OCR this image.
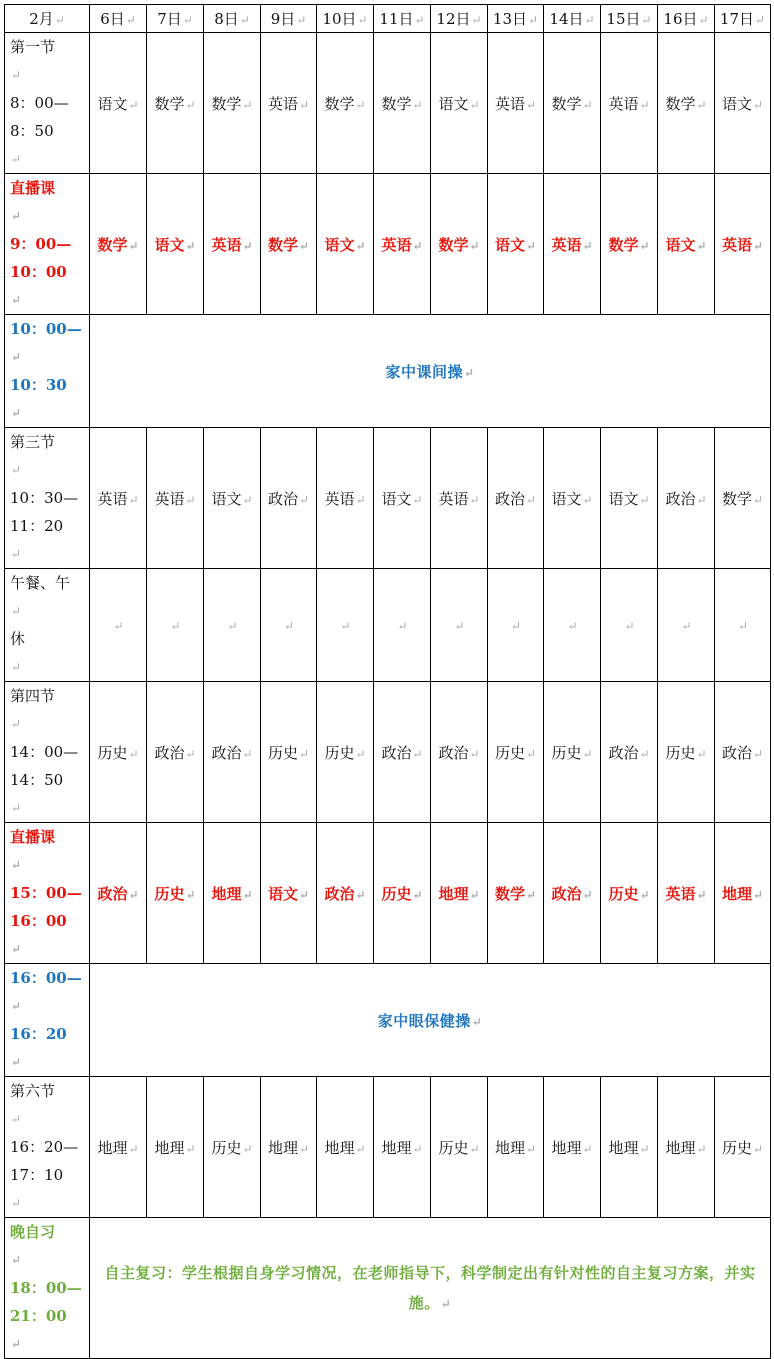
2月↵	6日↵	7日↵	8日↵	9日↵	10日↵	11日↵	12日↵	13日↵	14日↵	15日↵	16日↵	17日↵

第一节
↵
8：00—
8：50
↵	语文↵	数学↵	数学↵	英语↵	数学↵	数学↵	语文↵	英语↵	数学↵	英语↵	数学↵	语文↵

直播课
↵
9：00—
10：00
↵	数学↵	语文↵	英语↵	数学↵	语文↵	英语↵	数学↵	语文↵	英语↵	数学↵	语文↵	英语↵

10：00—
↵
10：30
↵	家中课间操↵											

第三节
↵
10：30—
11：20
↵	英语↵	英语↵	语文↵	政治↵	英语↵	语文↵	英语↵	政治↵	语文↵	语文↵	政治↵	数学↵

午餐、午
↵
休
↵	↵	↵	↵	↵	↵	↵	↵	↵	↵	↵	↵	↵

第四节
↵
14：00—
14：50
↵	历史↵	政治↵	政治↵	历史↵	历史↵	政治↵	政治↵	历史↵	历史↵	政治↵	历史↵	政治↵

直播课
↵
15：00—
16：00
↵	政治↵	历史↵	地理↵	语文↵	政治↵	历史↵	地理↵	数学↵	政治↵	历史↵	英语↵	地理↵

16：00—
↵
16：20
↵	家中眼保健操↵											

第六节
↵
16：20—
17：10
↵	地理↵	地理↵	历史↵	地理↵	地理↵	地理↵	历史↵	地理↵	地理↵	地理↵	地理↵	历史↵

晚自习
↵
18：00—
21：00
↵	自主复习：学生根据自身学习情况，在老师指导下，科学制定出有针对性的自主复习方案，并实施。↵											
